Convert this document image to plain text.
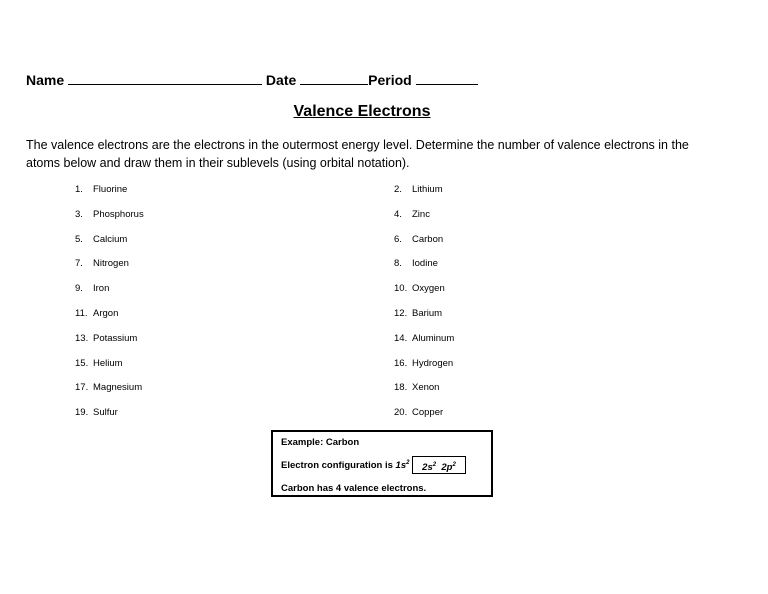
Name	Date	Period
Valence Electrons
The valence electrons are the electrons in the outermost energy level. Determine the number of valence electrons in the atoms below and draw them in their sublevels (using orbital notation).
1. Fluorine	2. Lithium
3. Phosphorus	4. Zinc
5. Calcium	6. Carbon
7. Nitrogen	8. Iodine
9. Iron	10. Oxygen
11. Argon	12. Barium
13. Potassium	14. Aluminum
15. Helium	16. Hydrogen
17. Magnesium	18. Xenon
19. Sulfur	20. Copper
Example: Carbon
Electron configuration is $1s^2$	$2s^2$ $2p^2$
Carbon has 4 valence electrons.
